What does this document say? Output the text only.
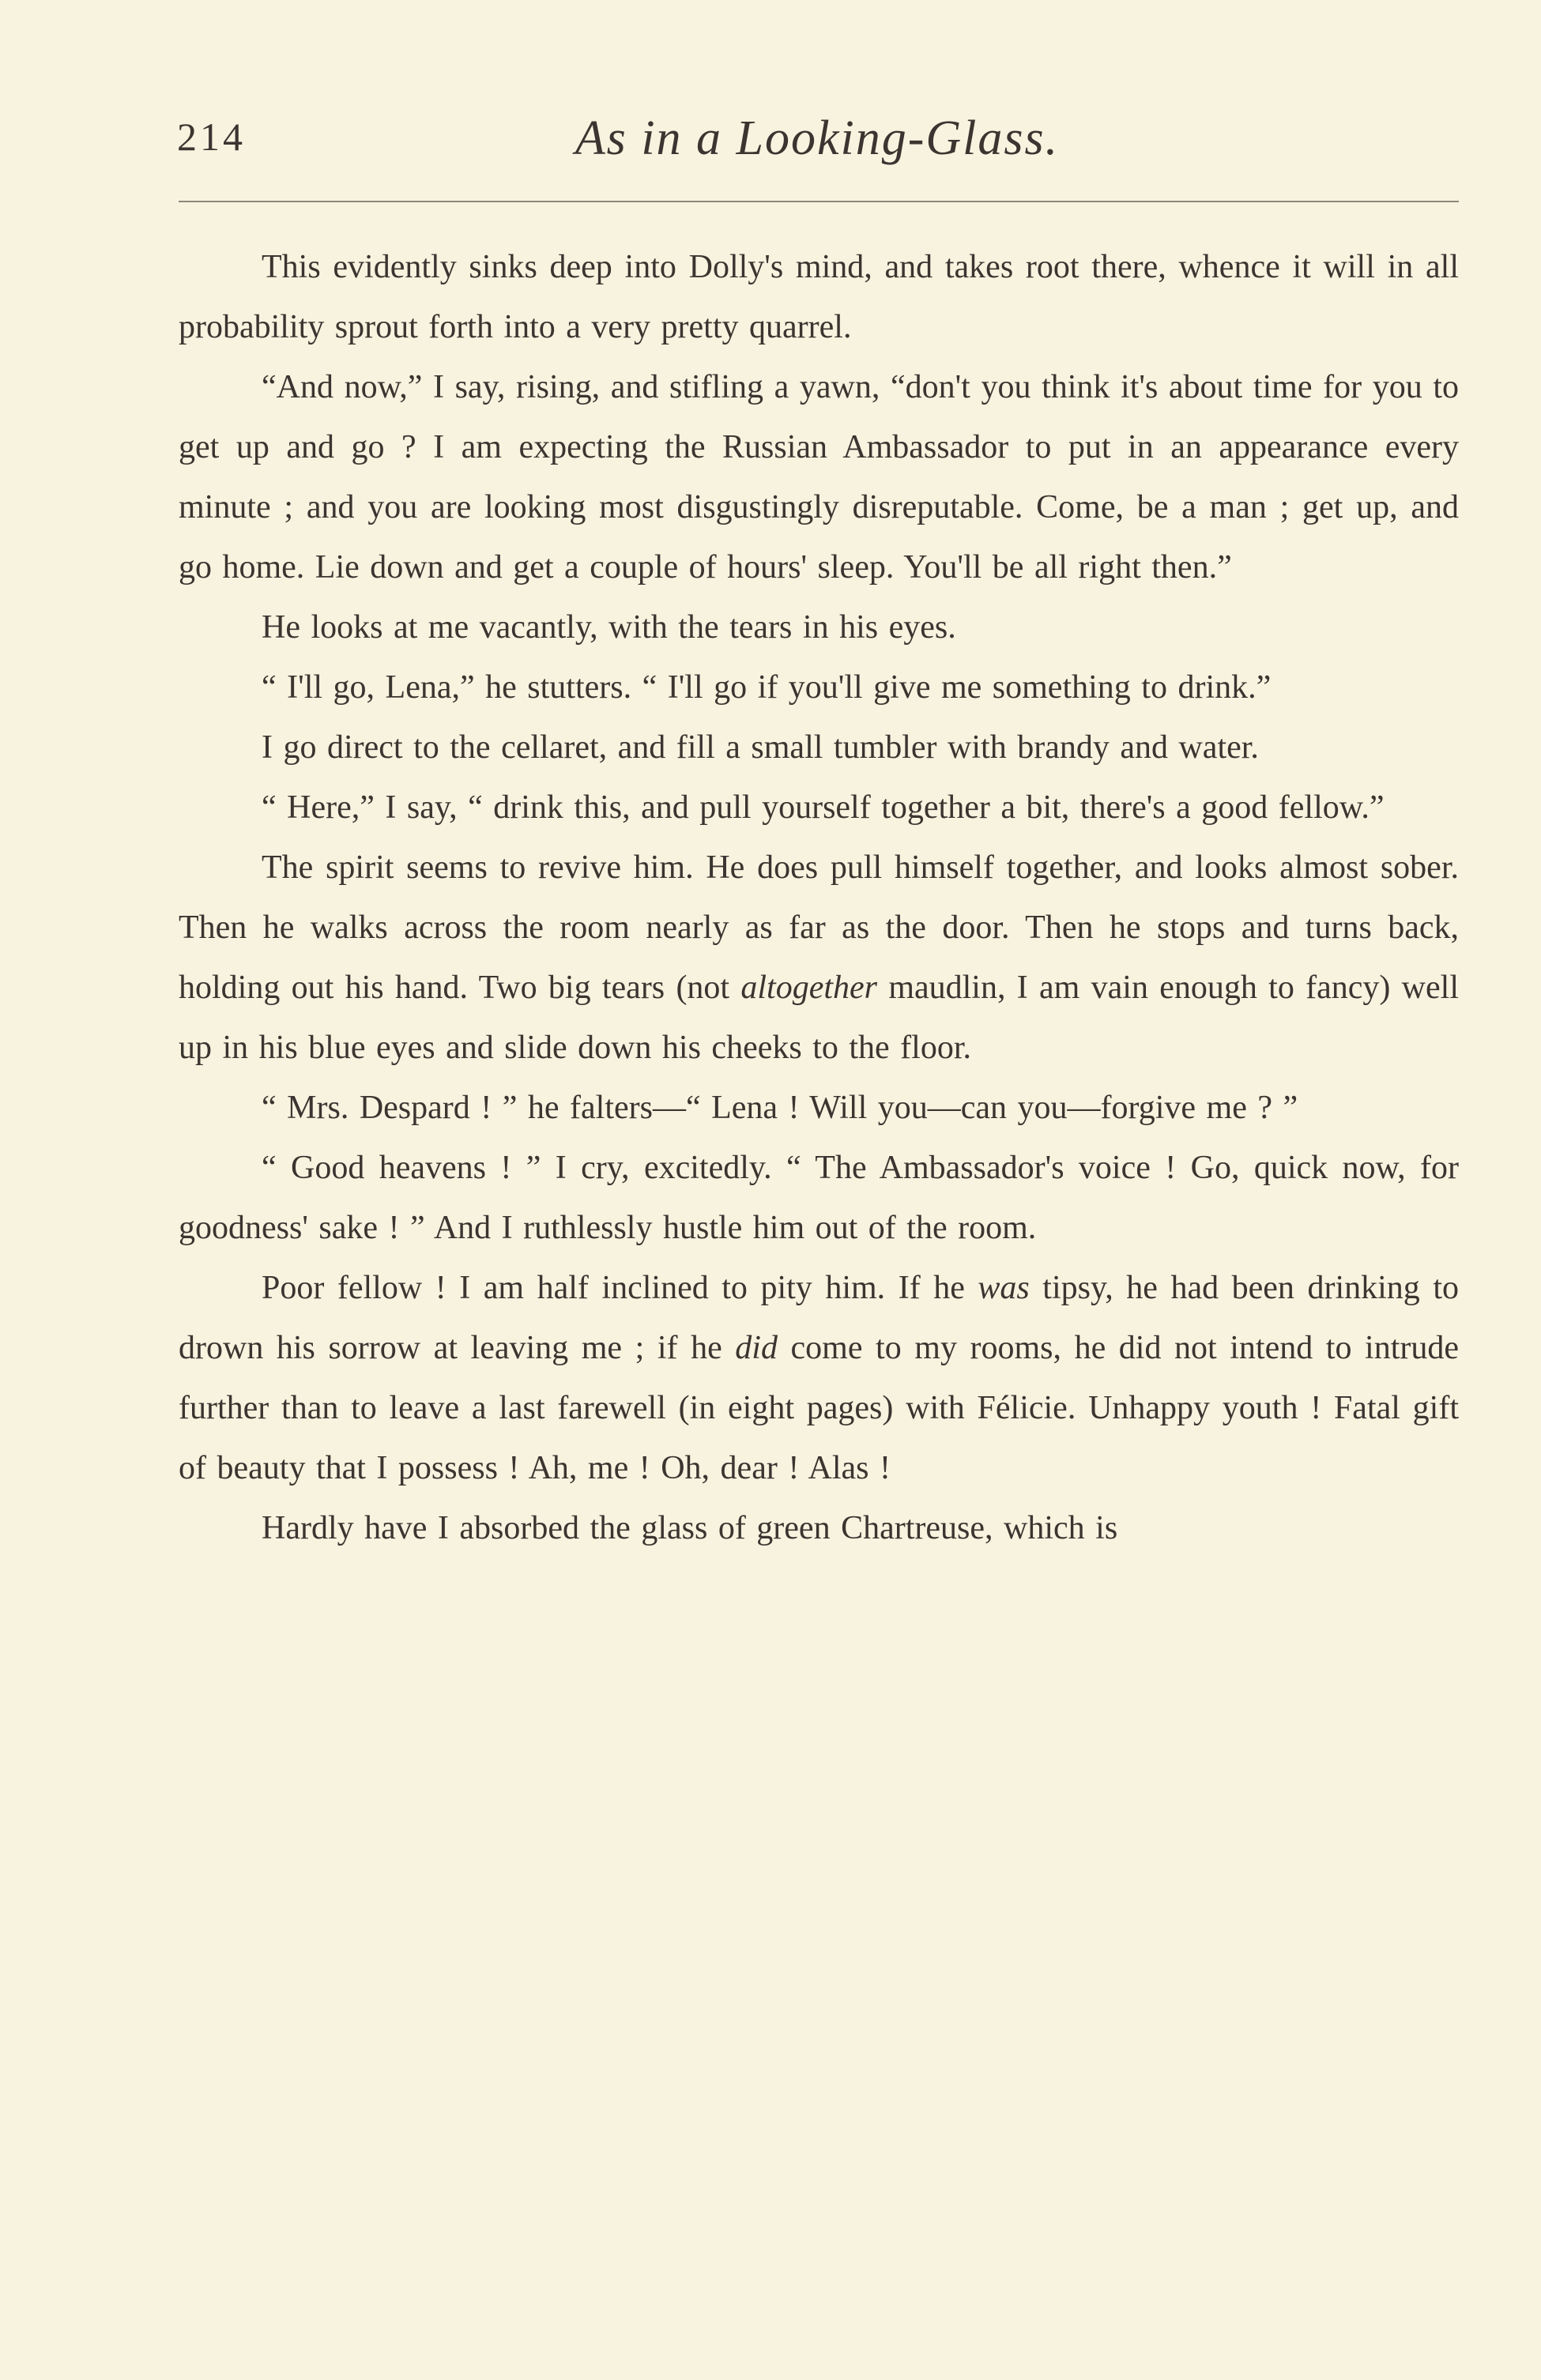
214	As in a Looking-Glass.

This evidently sinks deep into Dolly's mind, and takes root there, whence it will in all probability sprout forth into a very pretty quarrel.

“And now,” I say, rising, and stifling a yawn, “don't you think it's about time for you to get up and go ? I am expecting the Russian Ambassador to put in an appearance every minute ; and you are looking most disgustingly disreputable. Come, be a man ; get up, and go home. Lie down and get a couple of hours' sleep. You'll be all right then.”

He looks at me vacantly, with the tears in his eyes.

“ I'll go, Lena,” he stutters. “ I'll go if you'll give me something to drink.”

I go direct to the cellaret, and fill a small tumbler with brandy and water.

“ Here,” I say, “ drink this, and pull yourself together a bit, there's a good fellow.”

The spirit seems to revive him. He does pull himself together, and looks almost sober. Then he walks across the room nearly as far as the door. Then he stops and turns back, holding out his hand. Two big tears (not altogether maudlin, I am vain enough to fancy) well up in his blue eyes and slide down his cheeks to the floor.

“ Mrs. Despard ! ” he falters—“ Lena ! Will you—can you—forgive me ? ”

“ Good heavens ! ” I cry, excitedly. “ The Ambassador's voice ! Go, quick now, for goodness' sake ! ” And I ruthlessly hustle him out of the room.

Poor fellow ! I am half inclined to pity him. If he was tipsy, he had been drinking to drown his sorrow at leaving me ; if he did come to my rooms, he did not intend to intrude further than to leave a last farewell (in eight pages) with Félicie. Unhappy youth ! Fatal gift of beauty that I possess ! Ah, me ! Oh, dear ! Alas !

Hardly have I absorbed the glass of green Chartreuse, which is
